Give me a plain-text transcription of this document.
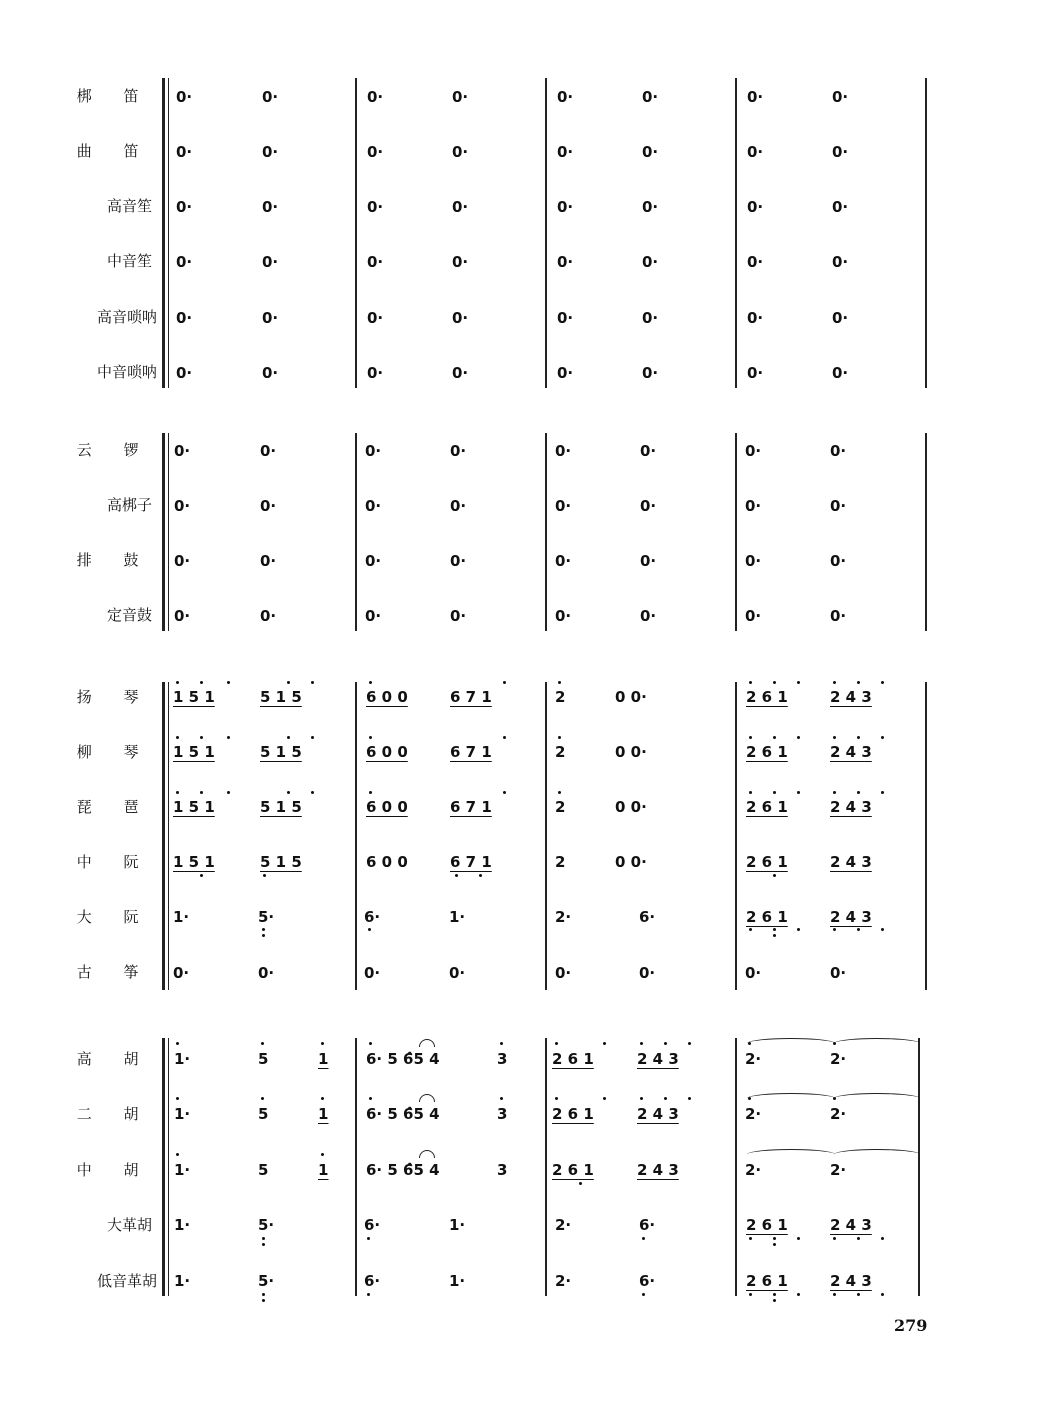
梆 笛 0·	0·	0·	0·	0·	0·	0·	0·
曲 笛 0·	0·	0·	0·	0·	0·	0·	0·
高音笙 0·	0·	0·	0·	0·	0·	0·	0·
中音笙 0·	0·	0·	0·	0·	0·	0·	0·
高音唢呐 0·	0·	0·	0·	0·	0·	0·	0·
中音唢呐 0·	0·	0·	0·	0·	0·	0·	0·
云 锣 0·	0·	0·	0·	0·	0·	0·	0·
高梆子 0·	0·	0·	0·	0·	0·	0·	0·
排 鼓 0·	0·	0·	0·	0·	0·	0·	0·
定音鼓 0·	0·	0·	0·	0·	0·	0·	0·
扬 琴 1 5 1	5 1 5	6 0 0	6 7 1	2	0 0·	2 6 1	2 4 3
柳 琴 1 5 1	5 1 5	6 0 0	6 7 1	2	0 0·	2 6 1	2 4 3
琵 琶 1 5 1	5 1 5	6 0 0	6 7 1	2	0 0·	2 6 1	2 4 3
中 阮 1 5 1	5 1 5	6 0 0	6 7 1	2	0 0·	2 6 1	2 4 3
大 阮 1·	5·	6·	1·	2·	6·	2 6 1	2 4 3
古 筝 0·	0·	0·	0·	0·	0·	0·	0·
高 胡 1·	5	1	6· 5 6̂5 4	3	2 6 1	2 4 3	2·	2·
二 胡 1·	5	1	6· 5 6̂5 4	3	2 6 1	2 4 3	2·	2·
中 胡 1·	5	1	6· 5 6̂5 4	3	2 6 1	2 4 3	2·	2·
大革胡 1·	5·	6·	1·	2·	6·	2 6 1	2 4 3
低音革胡 1·	5·	6·	1·	2·	6·	2 6 1	2 4 3
279
